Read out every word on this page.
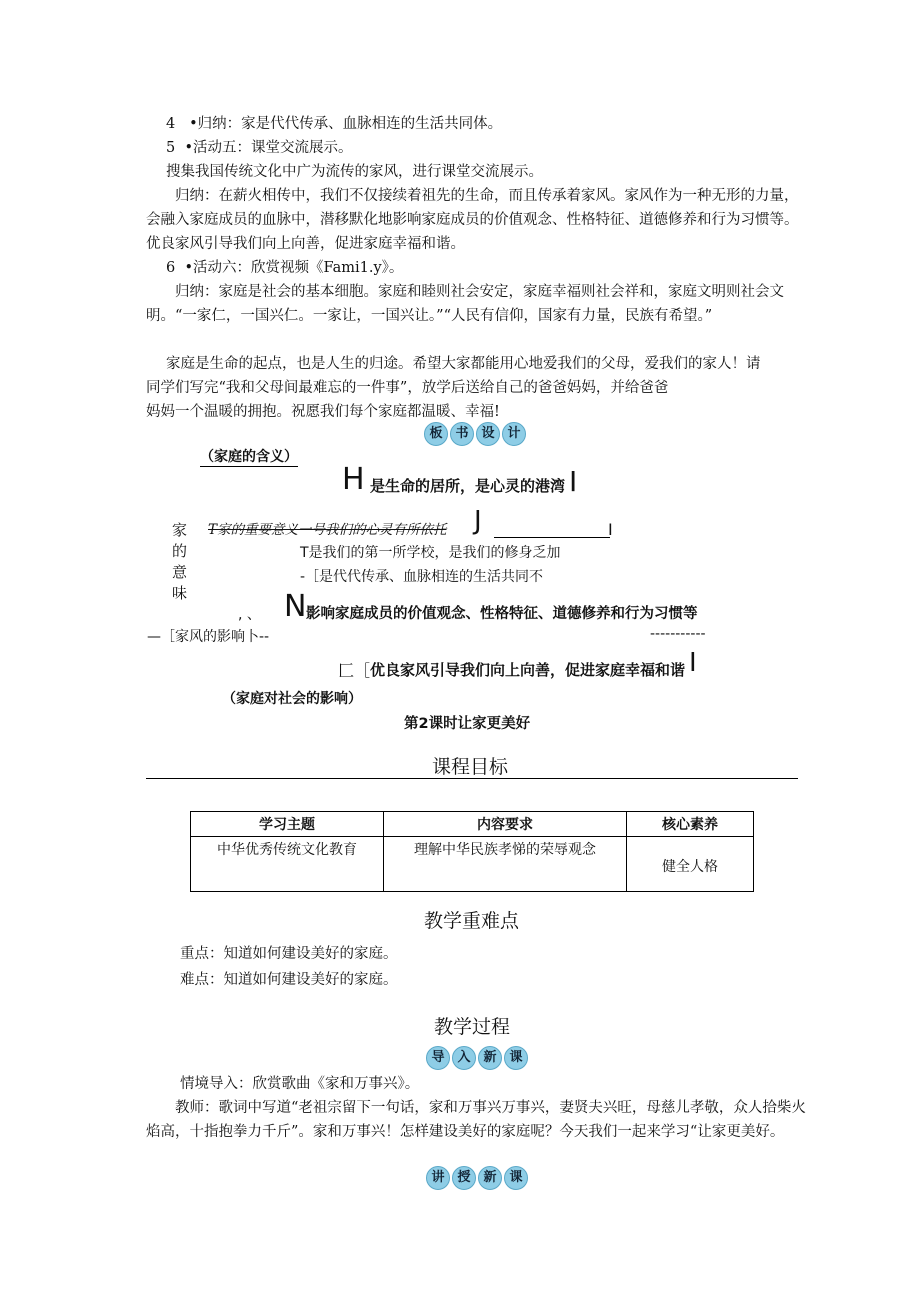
4 •归纳：家是代代传承、血脉相连的生活共同体。
5 •活动五：课堂交流展示。
搜集我国传统文化中广为流传的家风，进行课堂交流展示。
归纳：在薪火相传中，我们不仅接续着祖先的生命，而且传承着家风。家风作为一种无形的力量，会融入家庭成员的血脉中，潜移默化地影响家庭成员的价值观念、性格特征、道德修养和行为习惯等。优良家风引导我们向上向善，促进家庭幸福和谐。
6 •活动六：欣赏视频《Fami1.y》。
归纳：家庭是社会的基本细胞。家庭和睦则社会安定，家庭幸福则社会祥和，家庭文明则社会文明。“一家仁，一国兴仁。一家让，一国兴让。”“人民有信仰，国家有力量，民族有希望。”
家庭是生命的起点，也是人生的归途。希望大家都能用心地爱我们的父母，爱我们的家人！请
同学们写完“我和父母间最难忘的一件事”，放学后送给自己的爸爸妈妈，并给爸爸
妈妈一个温暖的拥抱。祝愿我们每个家庭都温暖、幸福!
板 书 设 计
（家庭的含义）
H 是生命的居所，是心灵的港湾 I
家
的
意
味
T家的重要意义一号我们的心灵有所依托 J	I
T是我们的第一所学校，是我们的修身乏加
-［是代代传承、血脉相连的生活共同不
, 、 N 影响家庭成员的价值观念、性格特征、道德修养和行为习惯等
—［家风的影响卜--	-----------
匚［ 优良家风引导我们向上向善，促进家庭幸福和谐 I
（家庭对社会的影响）
第2课时让家更美好
课程目标
学习主题	内容要求	核心素养
中华优秀传统文化教育	理解中华民族孝悌的荣辱观念	健全人格
教学重难点
重点：知道如何建设美好的家庭。
难点：知道如何建设美好的家庭。
教学过程
导 入 新 课
情境导入：欣赏歌曲《家和万事兴》。
教师：歌词中写道“老祖宗留下一句话，家和万事兴万事兴，妻贤夫兴旺，母慈儿孝敬，众人拾柴火焰高，十指抱拳力千斤”。家和万事兴！怎样建设美好的家庭呢？今天我们一起来学习“让家更美好。
讲 授 新 课
